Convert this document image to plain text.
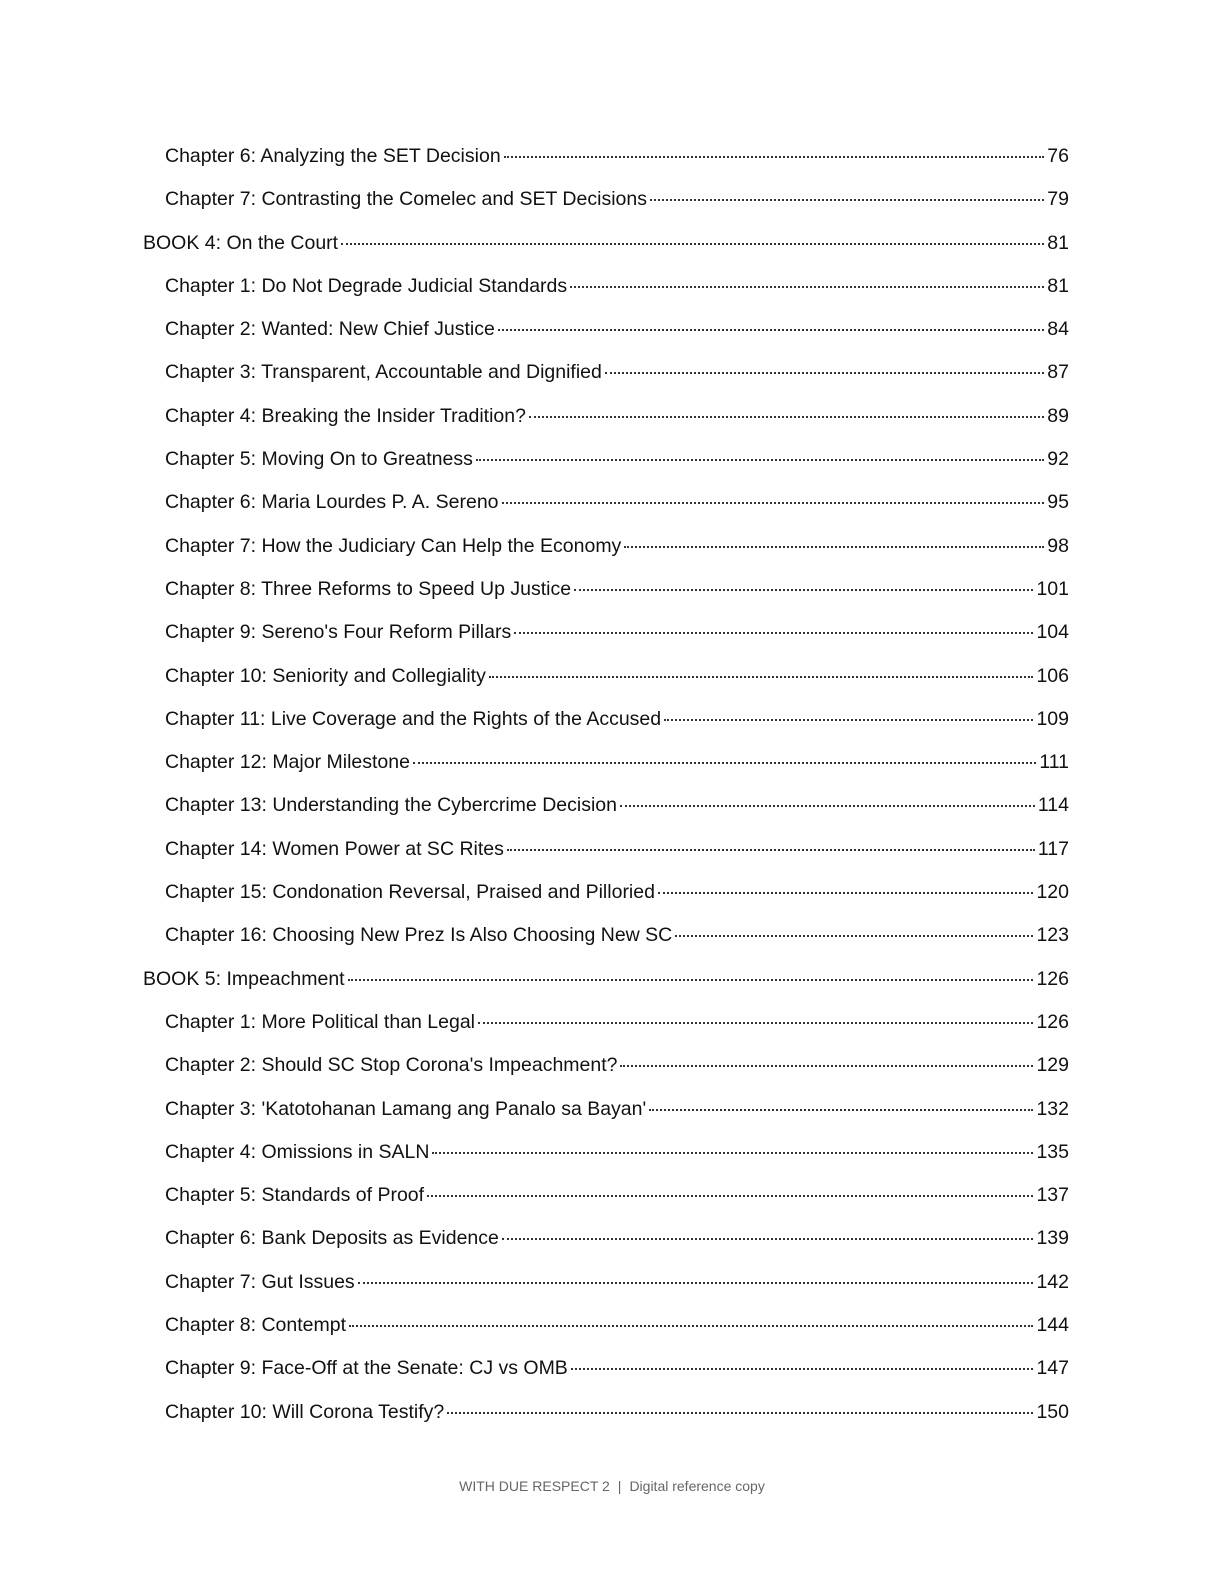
Chapter 6: Analyzing the SET Decision	76
Chapter 7: Contrasting the Comelec and SET Decisions	79
BOOK 4: On the Court	81
Chapter 1: Do Not Degrade Judicial Standards	81
Chapter 2: Wanted: New Chief Justice	84
Chapter 3: Transparent, Accountable and Dignified	87
Chapter 4: Breaking the Insider Tradition?	89
Chapter 5: Moving On to Greatness	92
Chapter 6: Maria Lourdes P. A. Sereno	95
Chapter 7: How the Judiciary Can Help the Economy	98
Chapter 8: Three Reforms to Speed Up Justice	101
Chapter 9: Sereno's Four Reform Pillars	104
Chapter 10: Seniority and Collegiality	106
Chapter 11: Live Coverage and the Rights of the Accused	109
Chapter 12: Major Milestone	111
Chapter 13: Understanding the Cybercrime Decision	114
Chapter 14: Women Power at SC Rites	117
Chapter 15: Condonation Reversal, Praised and Pilloried	120
Chapter 16: Choosing New Prez Is Also Choosing New SC	123
BOOK 5: Impeachment	126
Chapter 1: More Political than Legal	126
Chapter 2: Should SC Stop Corona's Impeachment?	129
Chapter 3: 'Katotohanan Lamang ang Panalo sa Bayan'	132
Chapter 4: Omissions in SALN	135
Chapter 5: Standards of Proof	137
Chapter 6: Bank Deposits as Evidence	139
Chapter 7: Gut Issues	142
Chapter 8: Contempt	144
Chapter 9: Face-Off at the Senate: CJ vs OMB	147
Chapter 10: Will Corona Testify?	150
WITH DUE RESPECT 2 | Digital reference copy
